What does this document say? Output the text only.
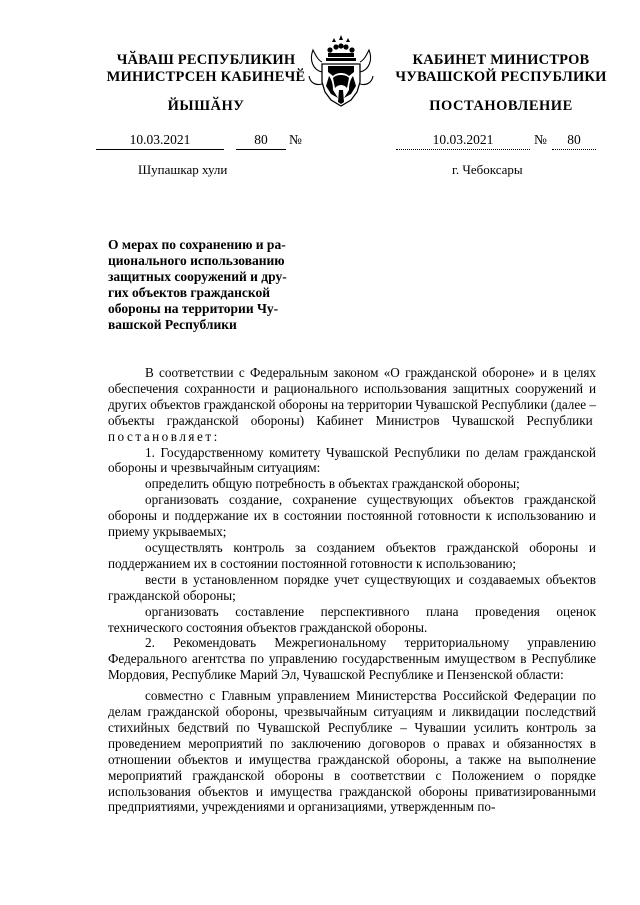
ЧӐВАШ РЕСПУБЛИКИН
МИНИСТРСЕН КАБИНЕЧӖ
ЙЫШӐНУ
КАБИНЕТ МИНИСТРОВ
ЧУВАШСКОЙ РЕСПУБЛИКИ
ПОСТАНОВЛЕНИЕ
10.03.2021	80	№	10.03.2021	№	80
Шупашкар хули	г. Чебоксары
О мерах по сохранению и ра-
ционального использованию
защитных сооружений и дру-
гих объектов гражданской
обороны на территории Чу-
вашской Республики

В соответствии с Федеральным законом «О гражданской обороне» и в целях обеспечения сохранности и рационального использования защитных сооружений и других объектов гражданской обороны на территории Чувашской Республики (далее – объекты гражданской обороны) Кабинет Министров Чувашской Республики  постановляет:

1. Государственному комитету Чувашской Республики по делам гражданской обороны и чрезвычайным ситуациям:

определить общую потребность в объектах гражданской обороны;

организовать создание, сохранение существующих объектов гражданской обороны и поддержание их в состоянии постоянной готовности к использованию и приему укрываемых;

осуществлять контроль за созданием объектов гражданской обороны и поддержанием их в состоянии постоянной готовности к использованию;

вести в установленном порядке учет существующих и создаваемых объектов гражданской обороны;

организовать составление перспективного плана проведения оценок технического состояния объектов гражданской обороны.

2. Рекомендовать Межрегиональному территориальному управлению Федерального агентства по управлению государственным имуществом в Республике Мордовия, Республике Марий Эл, Чувашской Республике и Пензенской области:

совместно с Главным управлением Министерства Российской Федерации по делам гражданской обороны, чрезвычайным ситуациям и ликвидации последствий стихийных бедствий по Чувашской Республике – Чувашии усилить контроль за проведением мероприятий по заключению договоров о правах и обязанностях в отношении объектов и имущества гражданской обороны, а также на выполнение мероприятий гражданской обороны в соответствии с Положением о порядке использования объектов и имущества гражданской обороны приватизированными предприятиями, учреждениями и организациями, утвержденным по-
